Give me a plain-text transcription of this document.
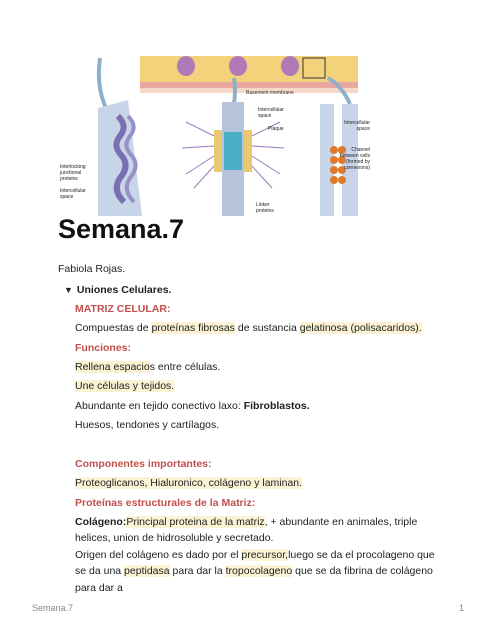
Basement membrane
Interlocking junctional proteins
Intercellular space
Intercellular space
Plaque
Linker proteins
Intercellular space
Channel between cells (formed by connexons)
Semana.7
Fabiola Rojas.
▼ Uniones Celulares.
MATRIZ CELULAR:
Compuestas de proteínas fibrosas de sustancia gelatinosa (polisacaridos).
Funciones:
Rellena espacios entre células.
Une células y tejidos.
Abundante en tejido conectivo laxo: Fibroblastos.
Huesos, tendones y cartílagos.
Componentes importantes:
Proteoglicanos, Hialuronico, colágeno y laminan.
Proteínas estructurales de la Matriz:
Colágeno:Principal proteina de la matriz, + abundante en animales, triple helices, union de hidrosoluble y secretado.
Origen del colágeno es dado por el precursor,luego se da el procolageno que se da una peptidasa para dar la tropocolageno que se da fibrina de colágeno para dar a
Semana.7	1
